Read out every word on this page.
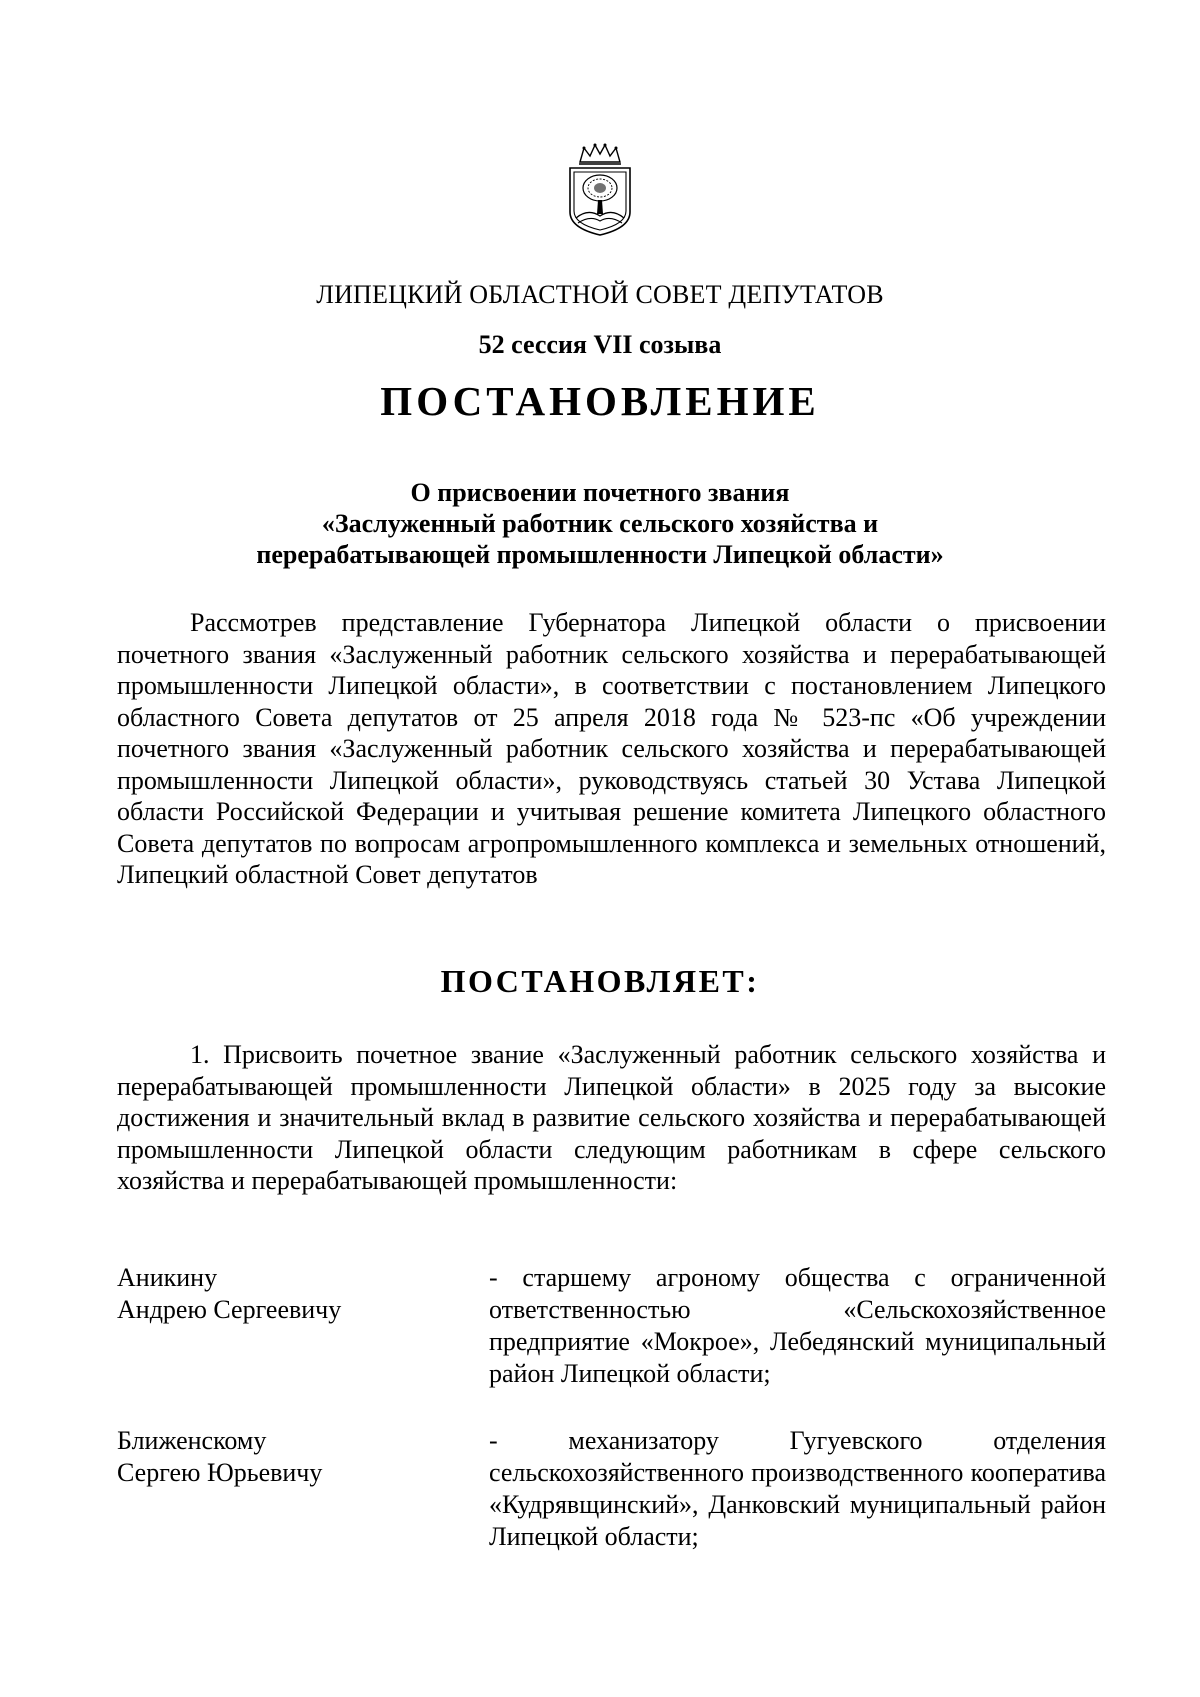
ЛИПЕЦКИЙ ОБЛАСТНОЙ СОВЕТ ДЕПУТАТОВ
52 сессия VII созыва
ПОСТАНОВЛЕНИЕ
О присвоении почетного звания
«Заслуженный работник сельского хозяйства и
перерабатывающей промышленности Липецкой области»
Рассмотрев представление Губернатора Липецкой области о присвоении почетного звания «Заслуженный работник сельского хозяйства и перерабатывающей промышленности Липецкой области», в соответствии с постановлением Липецкого областного Совета депутатов от 25 апреля 2018 года № 523-пс «Об учреждении почетного звания «Заслуженный работник сельского хозяйства и перерабатывающей промышленности Липецкой области», руководствуясь статьей 30 Устава Липецкой области Российской Федерации и учитывая решение комитета Липецкого областного Совета депутатов по вопросам агропромышленного комплекса и земельных отношений, Липецкий областной Совет депутатов
ПОСТАНОВЛЯЕТ:
1. Присвоить почетное звание «Заслуженный работник сельского хозяйства и перерабатывающей промышленности Липецкой области» в 2025 году за высокие достижения и значительный вклад в развитие сельского хозяйства и перерабатывающей промышленности Липецкой области следующим работникам в сфере сельского хозяйства и перерабатывающей промышленности:
Аникину
Андрею Сергеевичу
- старшему агроному общества с ограниченной ответственностью «Сельскохозяйственное предприятие «Мокрое», Лебедянский муниципальный район Липецкой области;
Ближенскому
Сергею Юрьевичу
- механизатору Гугуевского отделения сельскохозяйственного производственного кооператива «Кудрявщинский», Данковский муниципальный район Липецкой области;
